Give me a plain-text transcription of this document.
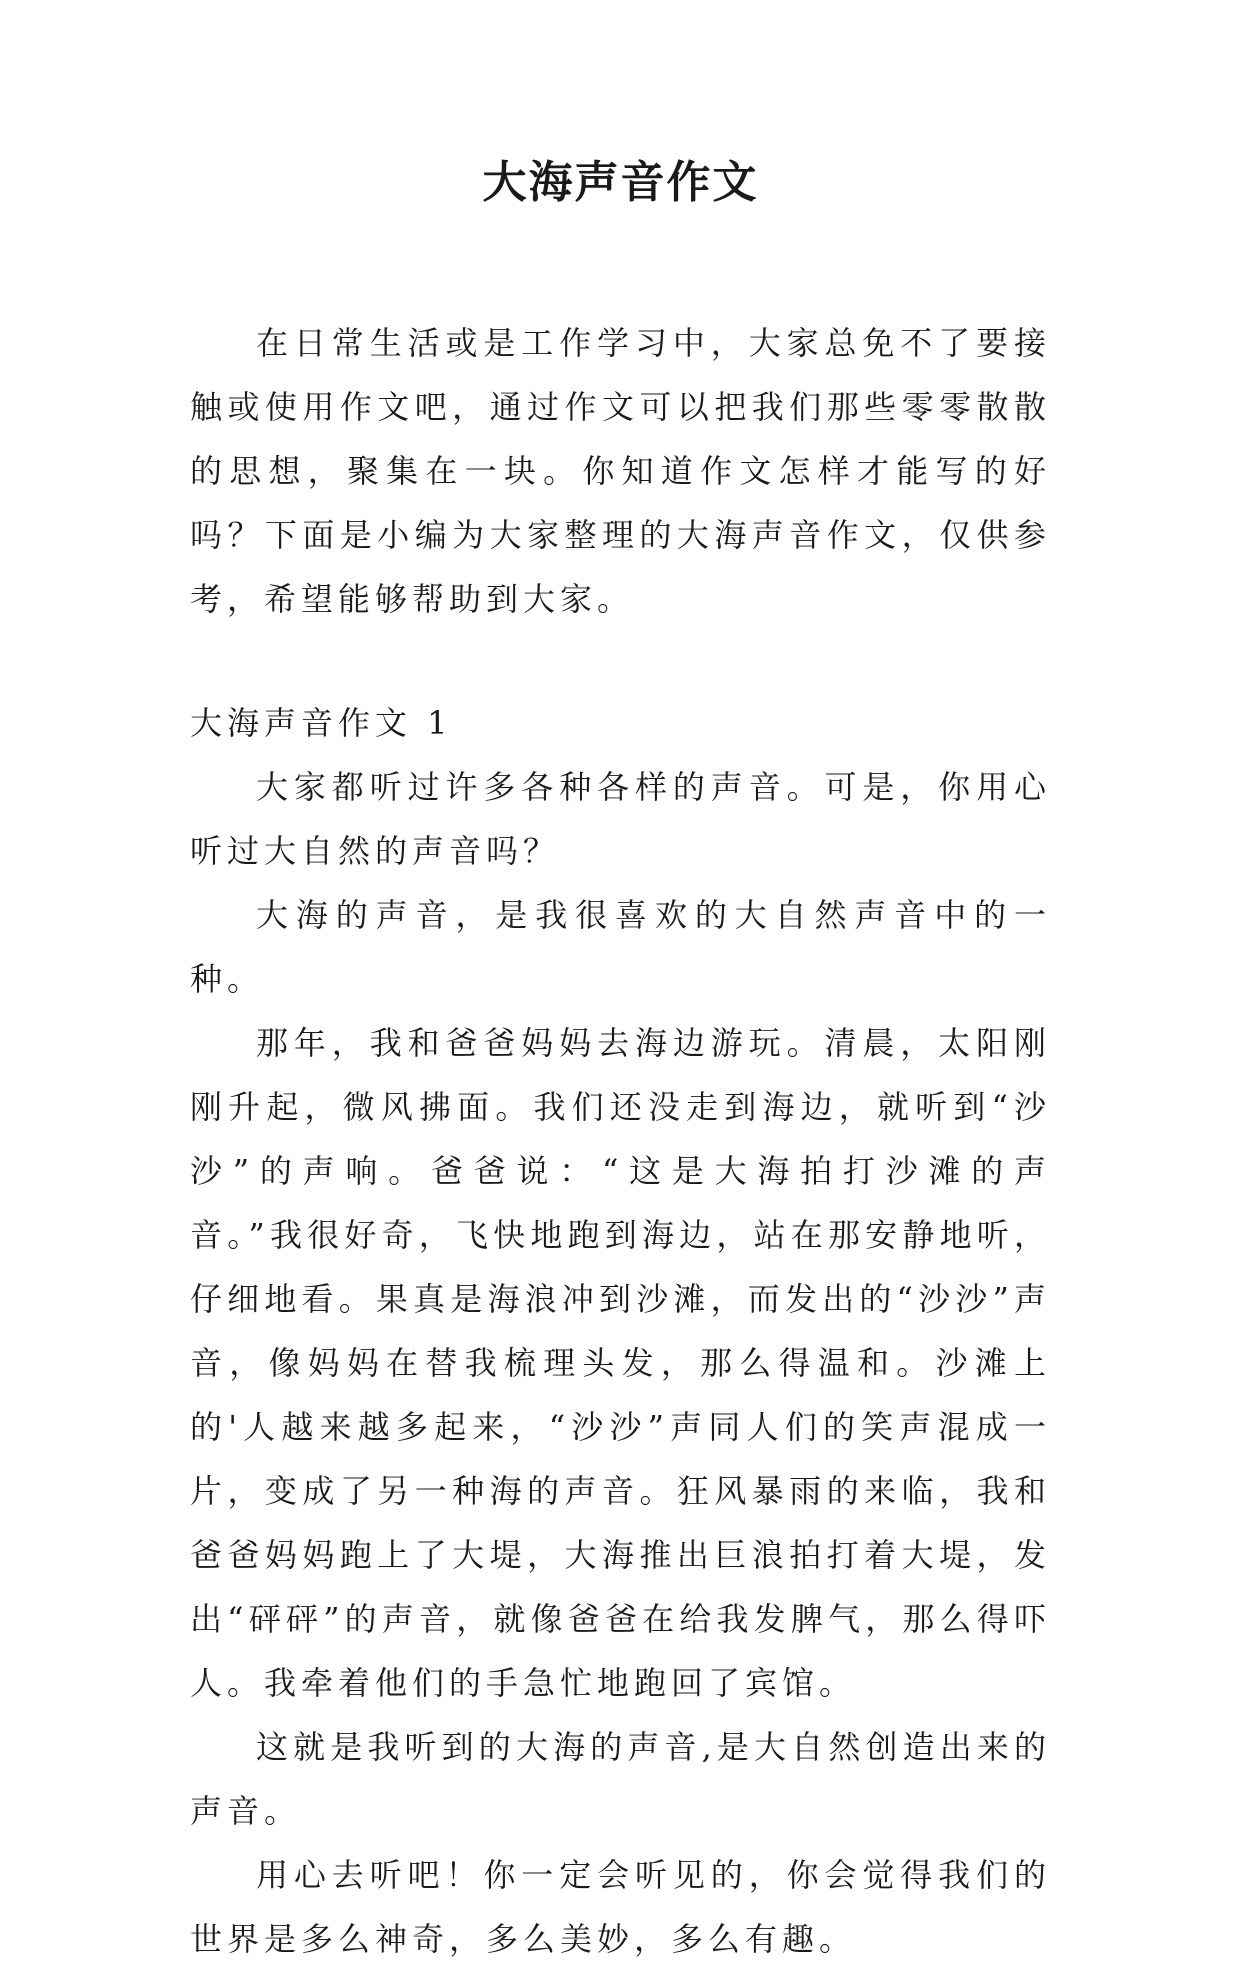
大海声音作文

在日常生活或是工作学习中，大家总免不了要接触或使用作文吧，通过作文可以把我们那些零零散散的思想，聚集在一块。你知道作文怎样才能写的好吗？下面是小编为大家整理的大海声音作文，仅供参考，希望能够帮助到大家。

大海声音作文 1

大家都听过许多各种各样的声音。可是，你用心听过大自然的声音吗？

大海的声音，是我很喜欢的大自然声音中的一种。

那年，我和爸爸妈妈去海边游玩。清晨，太阳刚刚升起，微风拂面。我们还没走到海边，就听到“沙沙”的声响。爸爸说：“这是大海拍打沙滩的声音。”我很好奇，飞快地跑到海边，站在那安静地听，仔细地看。果真是海浪冲到沙滩，而发出的“沙沙”声音，像妈妈在替我梳理头发，那么得温和。沙滩上的'人越来越多起来，“沙沙”声同人们的笑声混成一片，变成了另一种海的声音。狂风暴雨的来临，我和爸爸妈妈跑上了大堤，大海推出巨浪拍打着大堤，发出“砰砰”的声音，就像爸爸在给我发脾气，那么得吓人。我牵着他们的手急忙地跑回了宾馆。

这就是我听到的大海的声音,是大自然创造出来的声音。

用心去听吧！你一定会听见的，你会觉得我们的世界是多么神奇，多么美妙，多么有趣。
